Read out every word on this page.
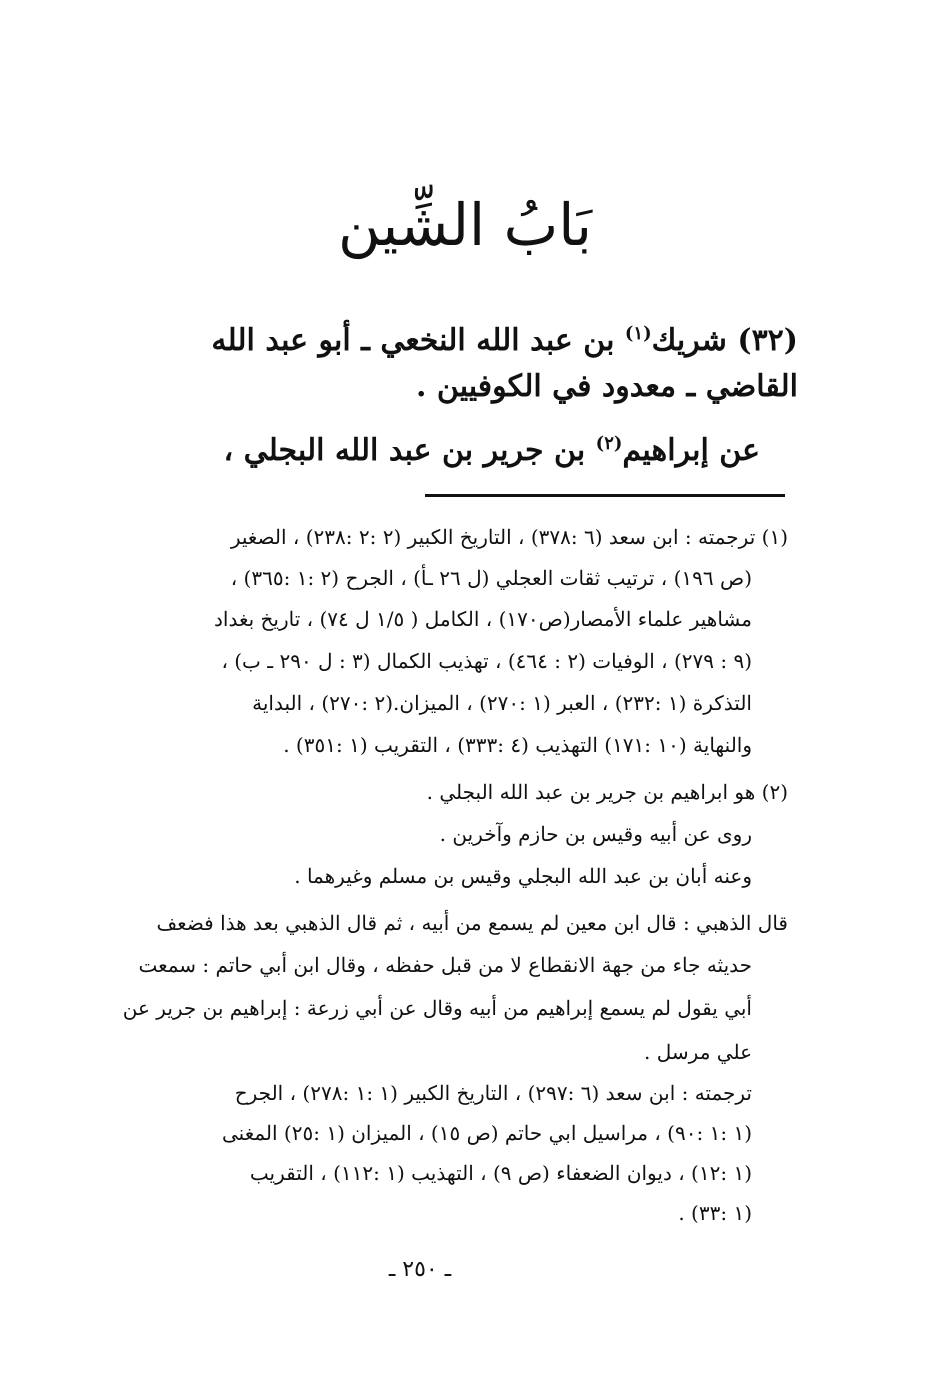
بَابُ الشِّين
(٣٢) شريك$^{(١)}$ بن عبد الله النخعي ـ أبو عبد الله
القاضي ـ معدود في الكوفيين .
عن إبراهيم$^{(٢)}$ بن جرير بن عبد الله البجلي ،
(١) ترجمته : ابن سعد (٦ :٣٧٨) ، التاريخ الكبير (٢ :٢ :٢٣٨) ، الصغير
(ص ١٩٦) ، ترتيب ثقات العجلي (ل ٢٦ ـأ) ، الجرح (٢ :١ :٣٦٥) ،
مشاهير علماء الأمصار(ص١٧٠) ، الكامل ( ١/٥ ل ٧٤) ، تاريخ بغداد
(٩ : ٢٧٩) ، الوفيات (٢ : ٤٦٤) ، تهذيب الكمال (٣ : ل ٢٩٠ ـ ب) ،
التذكرة (١ :٢٣٢) ، العبر (١ :٢٧٠) ، الميزان.(٢ :٢٧٠) ، البداية
والنهاية (١٠ :١٧١) التهذيب (٤ :٣٣٣) ، التقريب (١ :٣٥١) .
(٢) هو ابراهيم بن جرير بن عبد الله البجلي .
روى عن أبيه وقيس بن حازم وآخرين .
وعنه أبان بن عبد الله البجلي وقيس بن مسلم وغيرهما .
قال الذهبي : قال ابن معين لم يسمع من أبيه ، ثم قال الذهبي بعد هذا فضعف
حديثه جاء من جهة الانقطاع لا من قبل حفظه ، وقال ابن أبي حاتم : سمعت
أبي يقول لم يسمع إبراهيم من أبيه وقال عن أبي زرعة : إبراهيم بن جرير عن
علي مرسل .
ترجمته : ابن سعد (٦ :٢٩٧) ، التاريخ الكبير (١ :١ :٢٧٨) ، الجرح
(١ :١ :٩٠) ، مراسيل ابي حاتم (ص ١٥) ، الميزان (١ :٢٥) المغنى
(١ :١٢) ، ديوان الضعفاء (ص ٩) ، التهذيب (١ :١١٢) ، التقريب
(١ :٣٣) .
ـ ٢٥٠ ـ
